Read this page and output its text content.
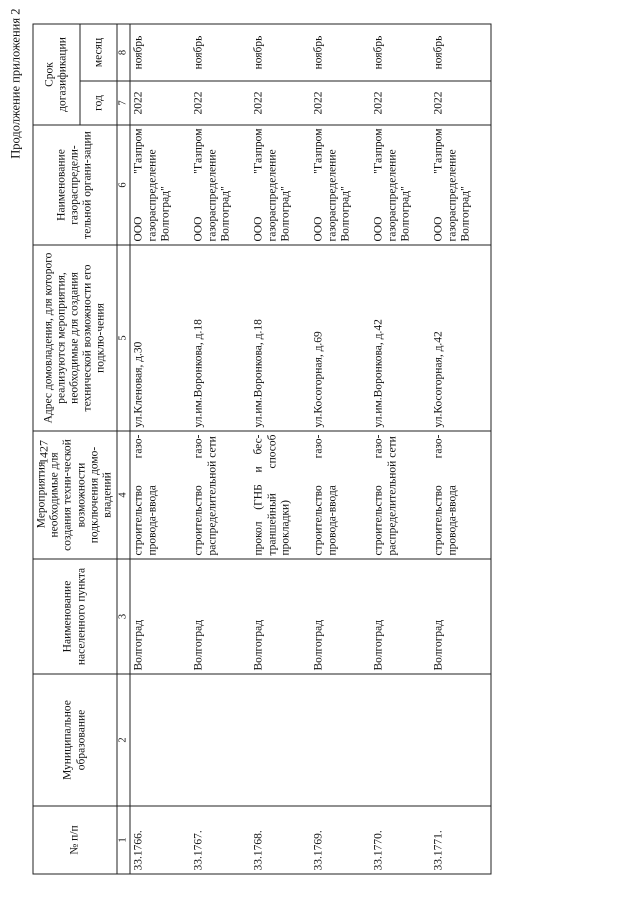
1427
Продолжение приложения 2
№ п/п	Муниципальное образование	Наименование населенного пункта	Мероприятия необходимые для создания техни-ческой возможности подключения домо-владений	Адрес домовладения, для которого реализуются мероприятия, необходимые для создания технической возможности его подклю-чения	Наименование газораспредели-тельной органи-зации	Срок догазификации	
						год	месяц
1	2	3	4	5	6	7	8
33.1766.		Волгоград	строительство газо-провода-ввода	ул.Кленовая, д.30	ООО "Газпром газораспределение Волгоград"	2022	ноябрь
33.1767.		Волгоград	строительство газо-распределительной сети	ул.им.Воронкова, д.18	ООО "Газпром газораспределение Волгоград"	2022	ноябрь
33.1768.		Волгоград	прокол (ГНБ и бес-траншейный способ прокладки)	ул.им.Воронкова, д.18	ООО "Газпром газораспределение Волгоград"	2022	ноябрь
33.1769.		Волгоград	строительство газо-провода-ввода	ул.Косогорная, д.69	ООО "Газпром газораспределение Волгоград"	2022	ноябрь
33.1770.		Волгоград	строительство газо-распределительной сети	ул.им.Воронкова, д.42	ООО "Газпром газораспределение Волгоград"	2022	ноябрь
33.1771.		Волгоград	строительство газо-провода-ввода	ул.Косогорная, д.42	ООО "Газпром газораспределение Волгоград"	2022	ноябрь
